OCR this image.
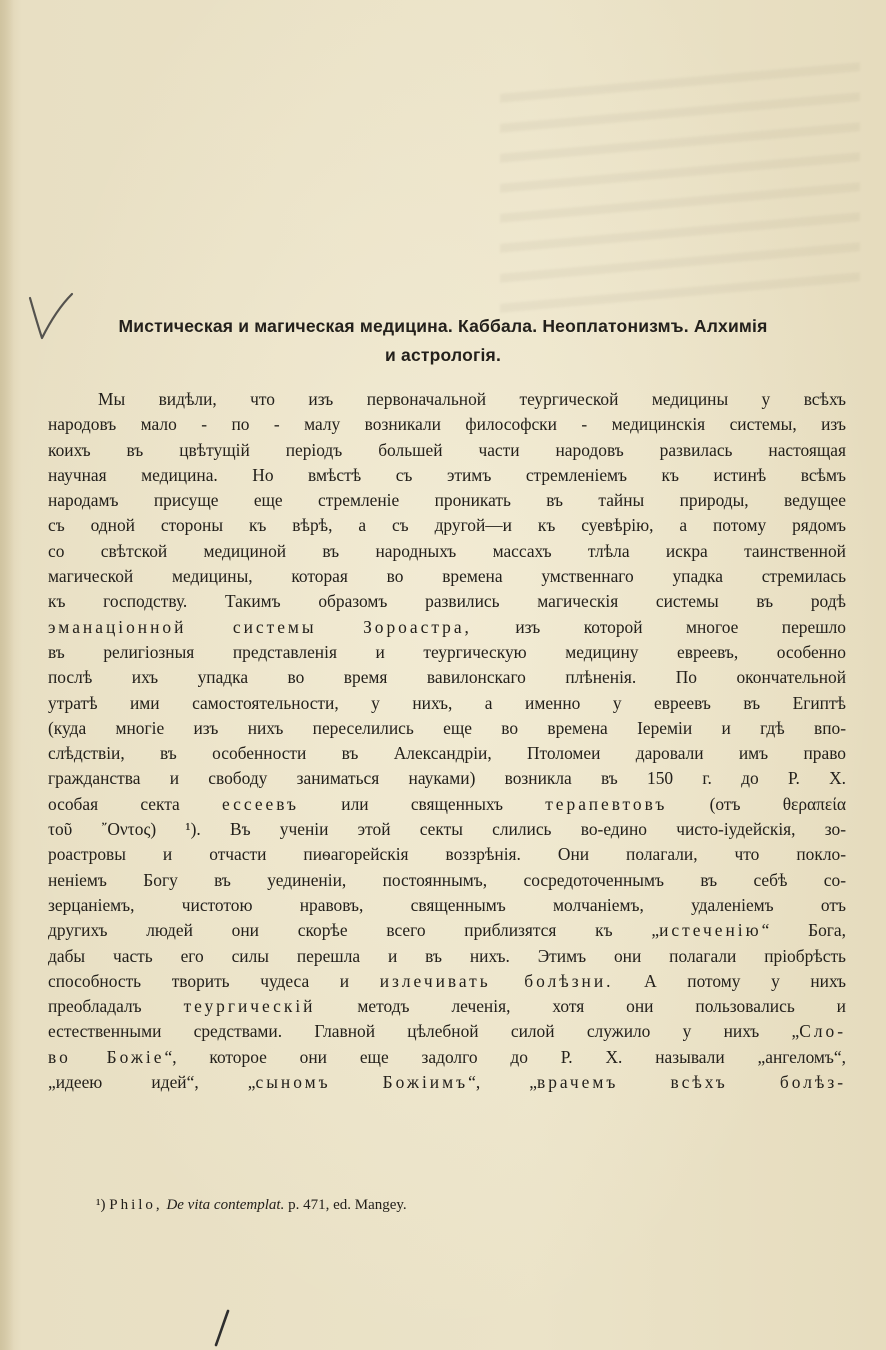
Мистическая и магическая медицина. Каббала. Неоплатонизмъ. Алхимія
и астрологія.
Мы видѣли, что изъ первоначальной теургической медицины у всѣхъ
народовъ мало - по - малу возникали философски - медицинскія системы, изъ
коихъ въ цвѣтущій періодъ большей части народовъ развилась настоящая
научная медицина. Но вмѣстѣ съ этимъ стремленіемъ къ истинѣ всѣмъ
народамъ присуще еще стремленіе проникать въ тайны природы, ведущее
съ одной стороны къ вѣрѣ, а съ другой—и къ суевѣрію, а потому рядомъ
со свѣтской медициной въ народныхъ массахъ тлѣла искра таинственной
магической медицины, которая во времена умственнаго упадка стремилась
къ господству. Такимъ образомъ развились магическія системы въ родѣ
эманаціонной системы Зороастра, изъ которой многое перешло
въ религіозныя представленія и теургическую медицину евреевъ, особенно
послѣ ихъ упадка во время вавилонскаго плѣненія. По окончательной
утратѣ ими самостоятельности, у нихъ, а именно у евреевъ въ Египтѣ
(куда многіе изъ нихъ переселились еще во времена Іереміи и гдѣ впо-
слѣдствіи, въ особенности въ Александріи, Птоломеи даровали имъ право
гражданства и свободу заниматься науками) возникла въ 150 г. до Р. Х.
особая секта ессеевъ или священныхъ терапевтовъ (отъ θεραπεία
τοῦ ῎Οντος) ¹). Въ ученіи этой секты слились во-едино чисто-іудейскія, зо-
роастровы и отчасти пиѳагорейскія воззрѣнія. Они полагали, что покло-
неніемъ Богу въ уединеніи, постояннымъ, сосредоточеннымъ въ себѣ со-
зерцаніемъ, чистотою нравовъ, священнымъ молчаніемъ, удаленіемъ отъ
другихъ людей они скорѣе всего приблизятся къ „истеченію“ Бога,
дабы часть его силы перешла и въ нихъ. Этимъ они полагали пріобрѣсть
способность творить чудеса и излечивать болѣзни. А потому у нихъ
преобладалъ теургическій методъ леченія, хотя они пользовались и
естественными средствами. Главной цѣлебной силой служило у нихъ „Сло-
во Божіе“, которое они еще задолго до Р. Х. называли „ангеломъ“,
„идеею идей“, „сыномъ Божіимъ“, „врачемъ всѣхъ болѣз-
¹) Philo, De vita contemplat. p. 471, ed. Mangey.
